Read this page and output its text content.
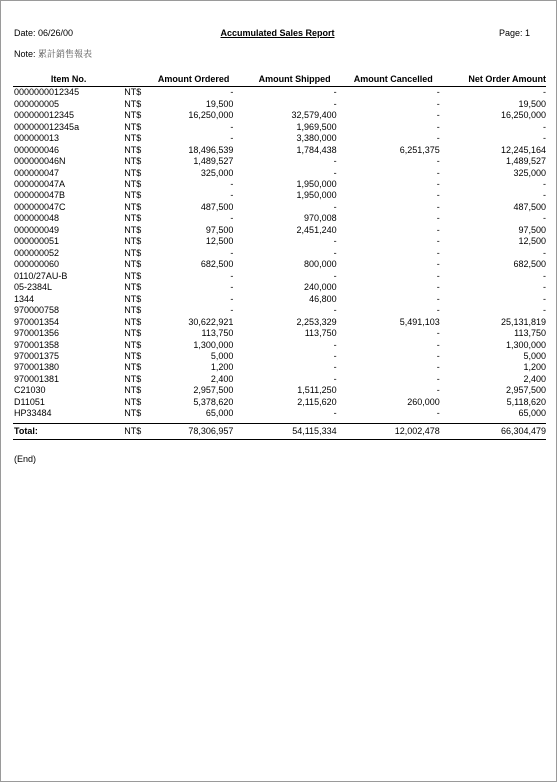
Date: 06/26/00	Accumulated Sales Report	Page: 1
Note: 累計銷售報表
Item No.		Amount Ordered	Amount Shipped	Amount Cancelled	Net Order Amount
0000000012345	NT$	-	-	-	-
000000005	NT$	19,500	-	-	19,500
000000012345	NT$	16,250,000	32,579,400	-	16,250,000
000000012345a	NT$	-	1,969,500	-	-
000000013	NT$	-	3,380,000	-	-
000000046	NT$	18,496,539	1,784,438	6,251,375	12,245,164
000000046N	NT$	1,489,527	-	-	1,489,527
000000047	NT$	325,000	-	-	325,000
000000047A	NT$	-	1,950,000	-	-
000000047B	NT$	-	1,950,000	-	-
000000047C	NT$	487,500	-	-	487,500
000000048	NT$	-	970,008	-	-
000000049	NT$	97,500	2,451,240	-	97,500
000000051	NT$	12,500	-	-	12,500
000000052	NT$	-	-	-	-
000000060	NT$	682,500	800,000	-	682,500
0110/27AU-B	NT$	-	-	-	-
05-2384L	NT$	-	240,000	-	-
1344	NT$	-	46,800	-	-
970000758	NT$	-	-	-	-
970001354	NT$	30,622,921	2,253,329	5,491,103	25,131,819
970001356	NT$	113,750	113,750	-	113,750
970001358	NT$	1,300,000	-	-	1,300,000
970001375	NT$	5,000	-	-	5,000
970001380	NT$	1,200	-	-	1,200
970001381	NT$	2,400	-	-	2,400
C21030	NT$	2,957,500	1,511,250	-	2,957,500
D11051	NT$	5,378,620	2,115,620	260,000	5,118,620
HP33484	NT$	65,000	-	-	65,000

Total:	NT$	78,306,957	54,115,334	12,002,478	66,304,479
(End)
